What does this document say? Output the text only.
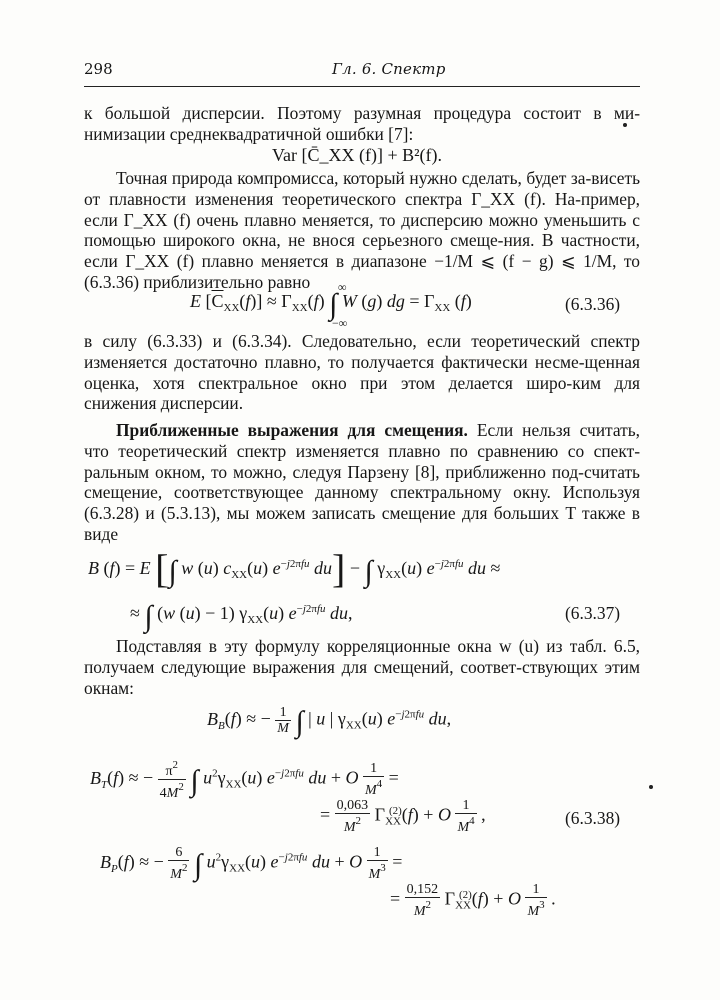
298	Гл. 6. Спектр
к большой дисперсии. Поэтому разумная процедура состоит в ми-нимизации среднеквадратичной ошибки [7]:
Var [C̄_XX (f)] + B²(f).
Точная природа компромисса, который нужно сделать, будет за-висеть от плавности изменения теоретического спектра Γ_XX (f). На-пример, если Γ_XX (f) очень плавно меняется, то дисперсию можно уменьшить с помощью широкого окна, не внося серьезного смеще-ния. В частности, если Γ_XX (f) плавно меняется в диапазоне −1/M ⩽ (f − g) ⩽ 1/M, то (6.3.36) приблизительно равно
E $[\overline{C}_{XX}(f)] \approx \Gamma_{XX}(f)$ ∫ W (g) dg = $\Gamma_{XX}$ (f)
∞
−∞
(6.3.36)
в силу (6.3.33) и (6.3.34). Следовательно, если теоретический спектр изменяется достаточно плавно, то получается фактически несме-щенная оценка, хотя спектральное окно при этом делается широ-ким для снижения дисперсии.
Приближенные выражения для смещения. Если нельзя считать, что теоретический спектр изменяется плавно по сравнению со спект-ральным окном, то можно, следуя Парзену [8], приближенно под-считать смещение, соответствующее данному спектральному окну. Используя (6.3.28) и (5.3.13), мы можем записать смещение для больших T также в виде
B (f) = E [∫ w (u) $c_{XX}(u)$ $e^{-j2\pi fu}$ du] − ∫ $\gamma_{XX}(u)$ $e^{-j2\pi fu}$ du ≈
≈ ∫ (w (u) − 1) $\gamma_{XX}(u)$ $e^{-j2\pi fu}$ du,	(6.3.37)
Подставляя в эту формулу корреляционные окна w (u) из табл. 6.5, получаем следующие выражения для смещений, соответ-ствующих этим окнам:
$B_B(f)$ ≈ − $\frac{1}{M}$ ∫ | u | $\gamma_{XX}(u)$ $e^{-j2\pi fu}$ du,
$B_T(f)$ ≈ − $\frac{\pi^2}{4M^2}$ ∫ $u^2\gamma_{XX}(u)$ $e^{-j2\pi fu}$ du + O $\frac{1}{M^4}$ =
= $\frac{0,063}{M^2} \Gamma_{XX}^{(2)}(f) + O \frac{1}{M^4}$ ,	(6.3.38)
$B_P(f)$ ≈ − $\frac{6}{M^2}$ ∫ $u^2\gamma_{XX}(u)$ $e^{-j2\pi fu}$ du + O $\frac{1}{M^3}$ =
= $\frac{0,152}{M^2} \Gamma_{XX}^{(2)}(f) + O \frac{1}{M^3}$ .
